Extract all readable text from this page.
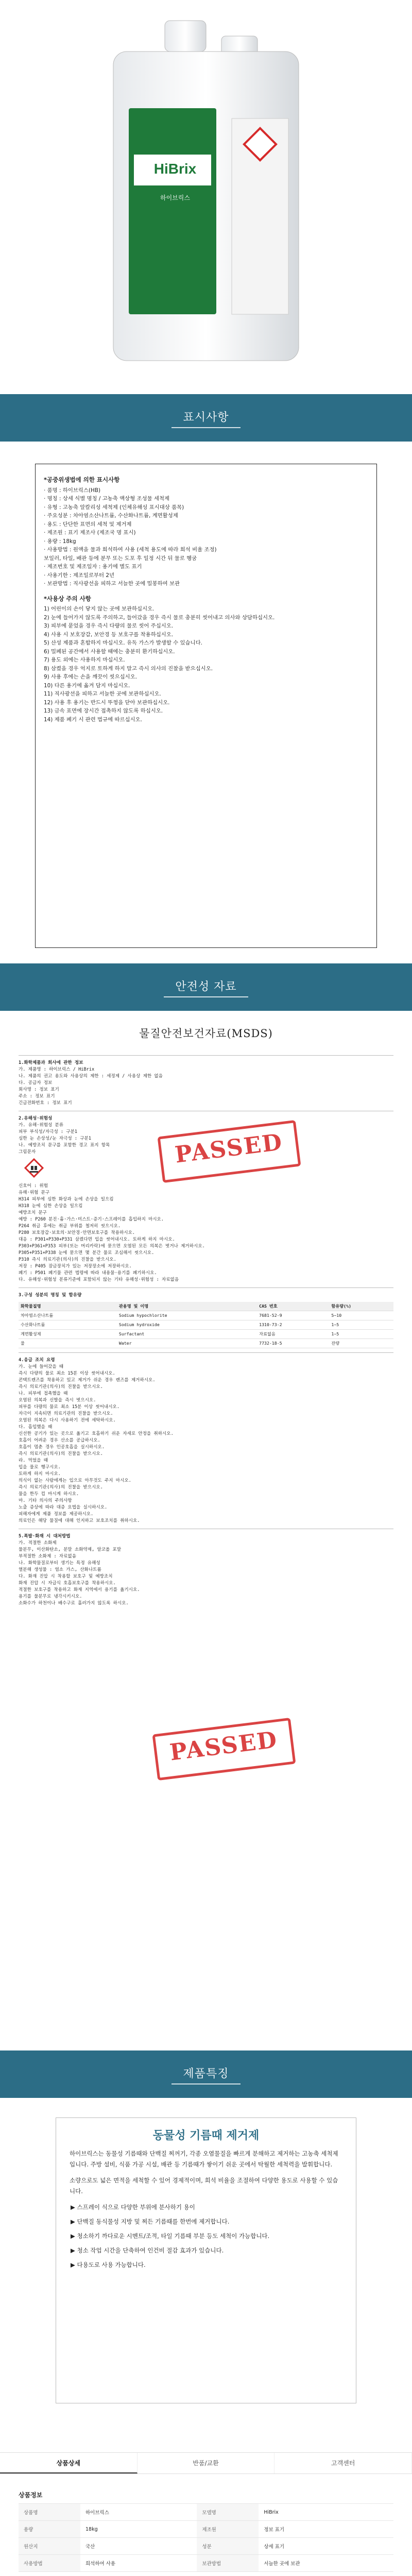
HiBrix
하이브릭스
표시사항
*공중위생법에 의한 표시사항
· 품명 : 하이브릭스(HB)
· 명칭 : 상세 식별 명칭 / 고농축 액상형 조성물 세척제
· 유형 : 고농축 알칼리성 세척제 (인체유해성 표시대상 품목)
· 주요성분 : 차아염소산나트륨, 수산화나트륨, 계면활성제
· 용도 : 단단한 표면의 세척 및 제거제
· 제조원 : 표기 제조사 (제조국 명 표시)
· 용량 : 18kg
· 사용방법 : 원액을 물과 희석하여 사용 (세척 용도에 따라 희석 비율 조정)
보일러, 타일, 배관 등에 분무 또는 도포 후 일정 시간 뒤 물로 헹굼
· 제조번호 및 제조일자 : 용기에 별도 표기
· 사용기한 : 제조일로부터 2년
· 보관방법 : 직사광선을 피하고 서늘한 곳에 밀봉하여 보관
*사용상 주의 사항
1) 어린이의 손이 닿지 않는 곳에 보관하십시오.
2) 눈에 들어가지 않도록 주의하고, 들어갔을 경우 즉시 물로 충분히 씻어내고 의사와 상담하십시오.
3) 피부에 묻었을 경우 즉시 다량의 물로 씻어 주십시오.
4) 사용 시 보호장갑, 보안경 등 보호구를 착용하십시오.
5) 산성 제품과 혼합하지 마십시오. 유독 가스가 발생할 수 있습니다.
6) 밀폐된 공간에서 사용할 때에는 충분히 환기하십시오.
7) 용도 외에는 사용하지 마십시오.
8) 삼켰을 경우 억지로 토하게 하지 말고 즉시 의사의 진찰을 받으십시오.
9) 사용 후에는 손을 깨끗이 씻으십시오.
10) 다른 용기에 옮겨 담지 마십시오.
11) 직사광선을 피하고 서늘한 곳에 보관하십시오.
12) 사용 후 용기는 반드시 뚜껑을 닫아 보관하십시오.
13) 금속 표면에 장시간 접촉하지 않도록 하십시오.
14) 제품 폐기 시 관련 법규에 따르십시오.
안전성 자료
물질안전보건자료(MSDS)
1.화학제품과 회사에 관한 정보
가. 제품명 : 하이브릭스 / HiBrix
나. 제품의 권고 용도와 사용상의 제한 : 세정제 / 사용상 제한 없음
다. 공급자 정보
회사명 : 정보 표기
주소 : 정보 표기
긴급전화번호 : 정보 표기
2.유해성·위험성
가. 유해·위험성 분류
피부 부식성/자극성 : 구분1
심한 눈 손상성/눈 자극성 : 구분1
나. 예방조치 문구를 포함한 경고 표지 항목
그림문자
신호어 : 위험
유해·위험 문구
H314 피부에 심한 화상과 눈에 손상을 일으킴
H318 눈에 심한 손상을 일으킴
예방조치 문구
예방 : P260 분진·흄·가스·미스트·증기·스프레이를 흡입하지 마시오.
P264 취급 후에는 취급 부위를 철저히 씻으시오.
P280 보호장갑·보호의·보안경·안면보호구를 착용하시오.
대응 : P301+P330+P331 삼켰다면 입을 씻어내시오. 토하게 하지 마시오.
P303+P361+P353 피부(또는 머리카락)에 묻으면 오염된 모든 의복은 벗거나 제거하시오.
P305+P351+P338 눈에 묻으면 몇 분간 물로 조심해서 씻으시오.
P310 즉시 의료기관(의사)의 진찰을 받으시오.
저장 : P405 잠금장치가 있는 저장장소에 저장하시오.
폐기 : P501 폐기물 관련 법령에 따라 내용물·용기를 폐기하시오.
다. 유해성·위험성 분류기준에 포함되지 않는 기타 유해성·위험성 : 자료없음
3.구성 성분의 명칭 및 함유량
화학물질명	관용명 및 이명	CAS 번호	함유량(%)
차아염소산나트륨	Sodium hypochlorite	7681-52-9	5~10
수산화나트륨	Sodium hydroxide	1310-73-2	1~5
계면활성제	Surfactant	자료없음	1~5
물	Water	7732-18-5	잔량
4.응급 조치 요령
가. 눈에 들어갔을 때
즉시 다량의 물로 최소 15분 이상 씻어내시오.
콘택트렌즈를 착용하고 있고 제거가 쉬운 경우 렌즈를 제거하시오.
즉시 의료기관(의사)의 진찰을 받으시오.
나. 피부에 접촉했을 때
오염된 의복과 신발을 즉시 벗으시오.
피부를 다량의 물로 최소 15분 이상 씻어내시오.
자극이 지속되면 의료기관의 진찰을 받으시오.
오염된 의복은 다시 사용하기 전에 세탁하시오.
다. 흡입했을 때
신선한 공기가 있는 곳으로 옮기고 호흡하기 쉬운 자세로 안정을 취하시오.
호흡이 어려운 경우 산소를 공급하시오.
호흡이 멈춘 경우 인공호흡을 실시하시오.
즉시 의료기관(의사)의 진찰을 받으시오.
라. 먹었을 때
입을 물로 헹구시오.
토하게 하지 마시오.
의식이 없는 사람에게는 입으로 아무것도 주지 마시오.
즉시 의료기관(의사)의 진찰을 받으시오.
물을 한두 컵 마시게 하시오.
마. 기타 의사의 주의사항
노출 증상에 따라 대증 요법을 실시하시오.
피해자에게 제품 정보를 제공하시오.
의료인은 해당 물질에 대해 인지하고 보호조치를 취하시오.
5.폭발·화재 시 대처방법
가. 적절한 소화제
물분무, 이산화탄소, 분말 소화약제, 알코올 포말
부적절한 소화제 : 자료없음
나. 화학물질로부터 생기는 특정 유해성
열분해 생성물 : 염소 가스, 산화나트륨
다. 화재 진압 시 착용할 보호구 및 예방조치
화재 진압 시 자급식 호흡보호구를 착용하시오.
적절한 보호구를 착용하고 화재 지역에서 용기를 옮기시오.
용기를 물분무로 냉각시키시오.
소화수가 하천이나 배수구로 흘러가지 않도록 하시오.
PASSED
PASSED
제품특징
동물성 기름때 제거제

하이브릭스는 동물성 기름때와 단백질 찌꺼기, 각종 오염물질을 빠르게 분해하고 제거하는 고농축 세척제입니다. 주방 설비, 식품 가공 시설, 배관 등 기름때가 쌓이기 쉬운 곳에서 탁월한 세척력을 발휘합니다.

소량으로도 넓은 면적을 세척할 수 있어 경제적이며, 희석 비율을 조절하여 다양한 용도로 사용할 수 있습니다.

▶ 스프레이 식으로 다양한 부위에 분사하기 용이
▶ 단백질 동식물성 지방 및 찌든 기름때를 한번에 제거합니다.
▶ 청소하기 까다로운 시멘트/조적, 타일 기름때 부분 등도 세척이 가능합니다.
▶ 청소 작업 시간을 단축하여 인건비 절감 효과가 있습니다.
▶ 다용도로 사용 가능합니다.
상품상세	반품/교환	고객센터
상품정보
상품명	하이브릭스	모델명	HiBrix
용량	18kg	제조원	정보 표기
원산지	국산	성분	상세 표기
사용방법	희석하여 사용	보관방법	서늘한 곳에 보관
